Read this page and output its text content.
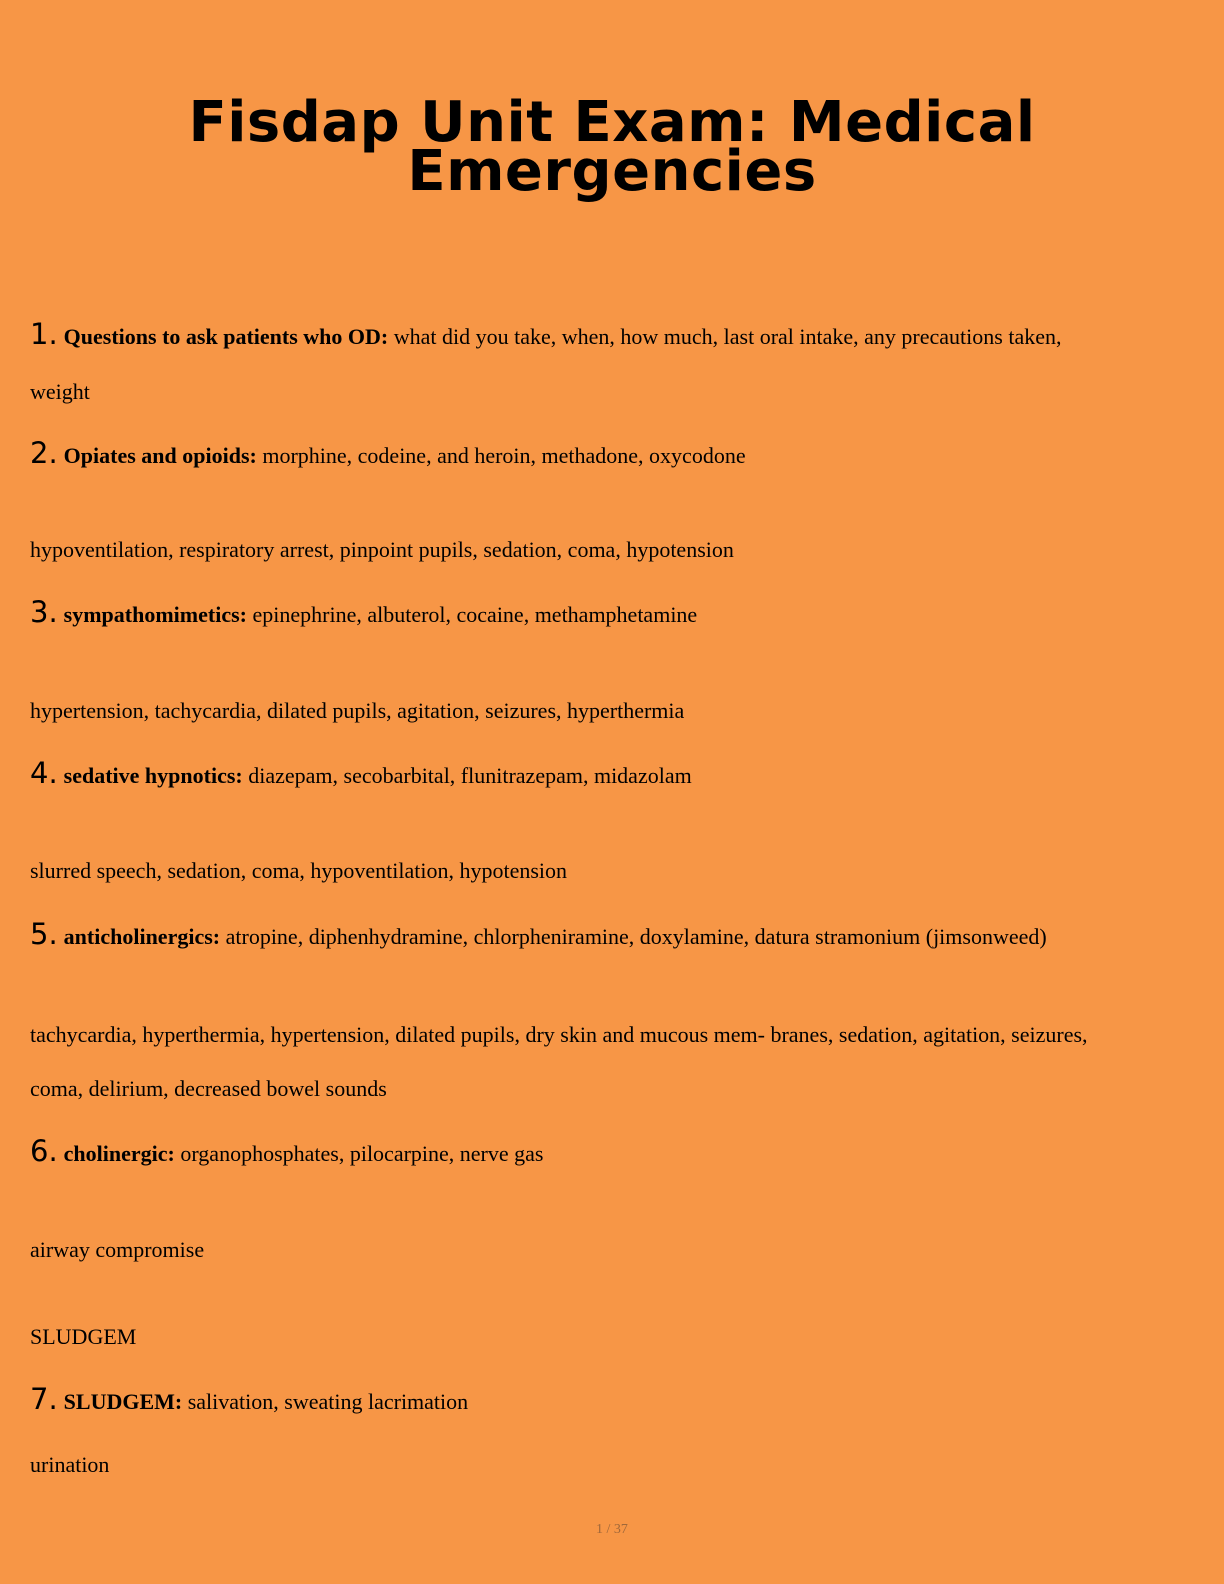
Fisdap Unit Exam: Medical
Emergencies

1. Questions to ask patients who OD: what did you take, when, how much, last oral intake, any precautions taken,

weight

2. Opiates and opioids: morphine, codeine, and heroin, methadone, oxycodone

hypoventilation, respiratory arrest, pinpoint pupils, sedation, coma, hypotension

3. sympathomimetics: epinephrine, albuterol, cocaine, methamphetamine

hypertension, tachycardia, dilated pupils, agitation, seizures, hyperthermia

4. sedative hypnotics: diazepam, secobarbital, flunitrazepam, midazolam

slurred speech, sedation, coma, hypoventilation, hypotension

5. anticholinergics: atropine, diphenhydramine, chlorpheniramine, doxylamine, datura stramonium (jimsonweed)

tachycardia, hyperthermia, hypertension, dilated pupils, dry skin and mucous mem- branes, sedation, agitation, seizures,

coma, delirium, decreased bowel sounds

6. cholinergic: organophosphates, pilocarpine, nerve gas

airway compromise

SLUDGEM

7. SLUDGEM: salivation, sweating lacrimation

urination

1 / 37
